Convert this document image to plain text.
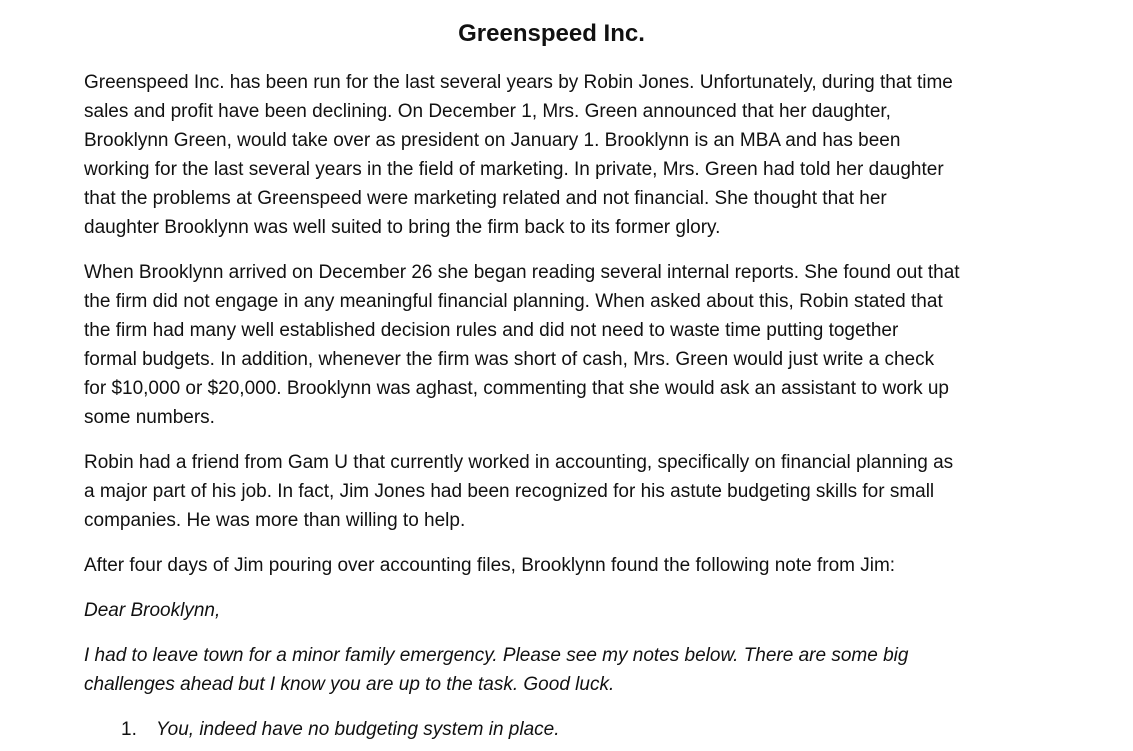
Greenspeed Inc.

Greenspeed Inc. has been run for the last several years by Robin Jones. Unfortunately, during that time
sales and profit have been declining. On December 1, Mrs. Green announced that her daughter,
Brooklynn Green, would take over as president on January 1. Brooklynn is an MBA and has been
working for the last several years in the field of marketing. In private, Mrs. Green had told her daughter
that the problems at Greenspeed were marketing related and not financial. She thought that her
daughter Brooklynn was well suited to bring the firm back to its former glory.

When Brooklynn arrived on December 26 she began reading several internal reports. She found out that
the firm did not engage in any meaningful financial planning. When asked about this, Robin stated that
the firm had many well established decision rules and did not need to waste time putting together
formal budgets. In addition, whenever the firm was short of cash, Mrs. Green would just write a check
for $10,000 or $20,000. Brooklynn was aghast, commenting that she would ask an assistant to work up
some numbers.

Robin had a friend from Gam U that currently worked in accounting, specifically on financial planning as
a major part of his job. In fact, Jim Jones had been recognized for his astute budgeting skills for small
companies. He was more than willing to help.

After four days of Jim pouring over accounting files, Brooklynn found the following note from Jim:

Dear Brooklynn,

I had to leave town for a minor family emergency. Please see my notes below. There are some big
challenges ahead but I know you are up to the task. Good luck.

1. You, indeed have no budgeting system in place.
